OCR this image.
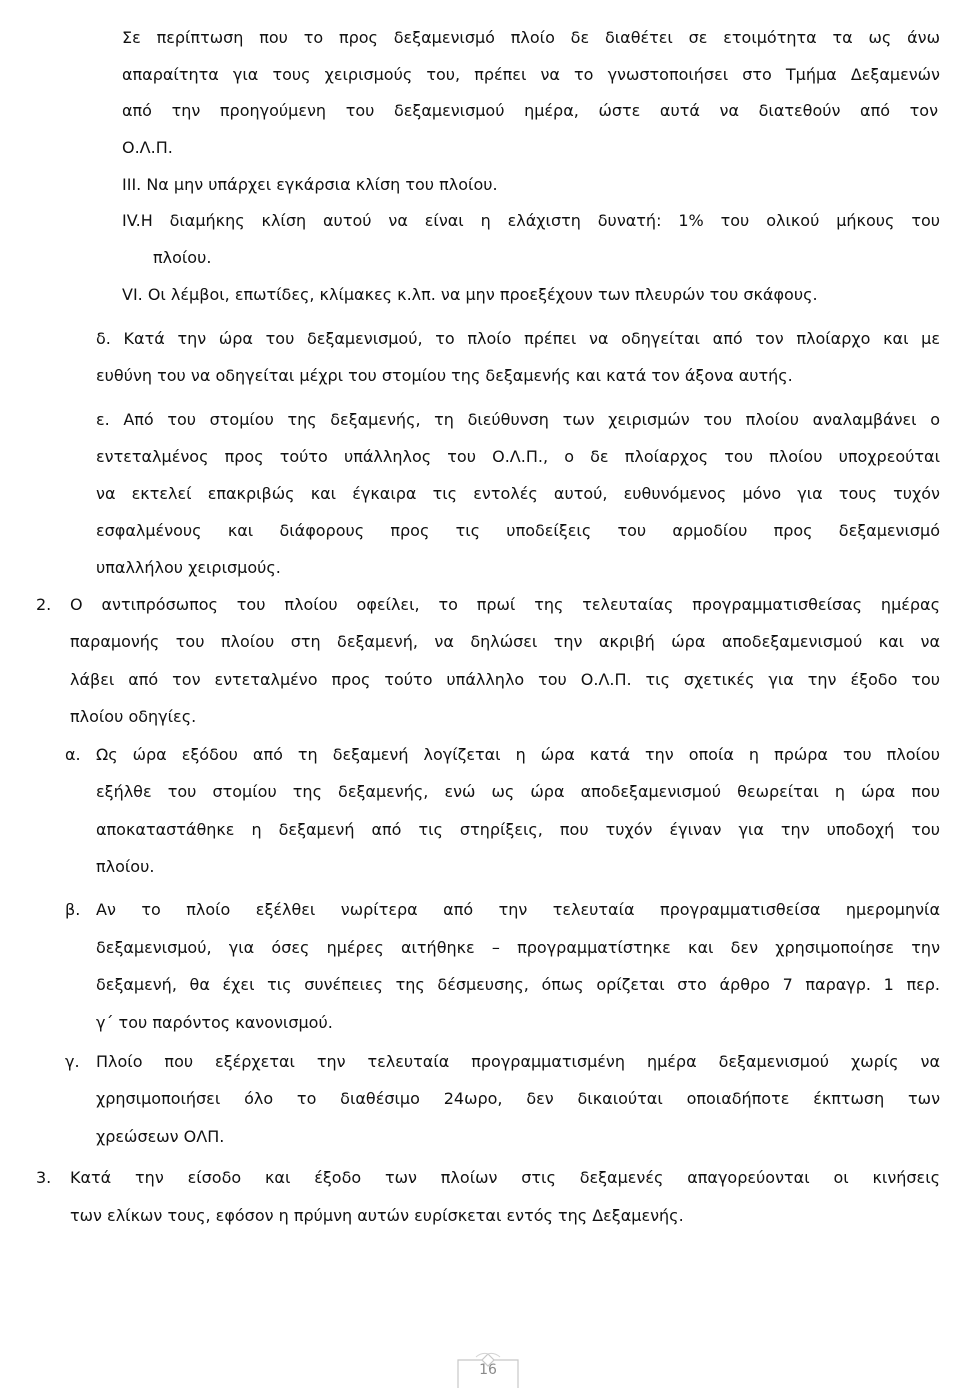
Σε περίπτωση που το προς δεξαμενισμό πλοίο δε διαθέτει σε ετοιμότητα τα ως άνω
απαραίτητα για τους χειρισμούς του, πρέπει να το γνωστοποιήσει στο Τμήμα Δεξαμενών
από την προηγούμενη του δεξαμενισμού ημέρα, ώστε αυτά να διατεθούν από τον
Ο.Λ.Π.
III. Να μην υπάρχει εγκάρσια κλίση του πλοίου.
IV.Η διαμήκης κλίση αυτού να είναι η ελάχιστη δυνατή: 1% του ολικού μήκους του
πλοίου.
VI. Οι λέμβοι, επωτίδες, κλίμακες κ.λπ. να μην προεξέχουν των πλευρών του σκάφους.
δ. Κατά την ώρα του δεξαμενισμού, το πλοίο πρέπει να οδηγείται από τον πλοίαρχο και με
ευθύνη του να οδηγείται μέχρι του στομίου της δεξαμενής και κατά τον άξονα αυτής.
ε. Από του στομίου της δεξαμενής, τη διεύθυνση των χειρισμών του πλοίου αναλαμβάνει ο
εντεταλμένος προς τούτο υπάλληλος του Ο.Λ.Π., ο δε πλοίαρχος του πλοίου υποχρεούται
να εκτελεί επακριβώς και έγκαιρα τις εντολές αυτού, ευθυνόμενος μόνο για τους τυχόν
εσφαλμένους και διάφορους προς τις υποδείξεις του αρμοδίου προς δεξαμενισμό
υπαλλήλου χειρισμούς.
2. Ο αντιπρόσωπος του πλοίου οφείλει, το πρωί της τελευταίας προγραμματισθείσας ημέρας
παραμονής του πλοίου στη δεξαμενή, να δηλώσει την ακριβή ώρα αποδεξαμενισμού και να
λάβει από τον εντεταλμένο προς τούτο υπάλληλο του Ο.Λ.Π. τις σχετικές για την έξοδο του
πλοίου οδηγίες.
α. Ως ώρα εξόδου από τη δεξαμενή λογίζεται η ώρα κατά την οποία η πρώρα του πλοίου
εξήλθε του στομίου της δεξαμενής, ενώ ως ώρα αποδεξαμενισμού θεωρείται η ώρα που
αποκαταστάθηκε η δεξαμενή από τις στηρίξεις, που τυχόν έγιναν για την υποδοχή του
πλοίου.
β. Αν το πλοίο εξέλθει νωρίτερα από την τελευταία προγραμματισθείσα ημερομηνία
δεξαμενισμού, για όσες ημέρες αιτήθηκε – προγραμματίστηκε και δεν χρησιμοποίησε την
δεξαμενή, θα έχει τις συνέπειες της δέσμευσης, όπως ορίζεται στο άρθρο 7 παραγρ. 1 περ.
γ΄ του παρόντος κανονισμού.
γ. Πλοίο που εξέρχεται την τελευταία προγραμματισμένη ημέρα δεξαμενισμού χωρίς να
χρησιμοποιήσει όλο το διαθέσιμο 24ωρο, δεν δικαιούται οποιαδήποτε έκπτωση των
χρεώσεων ΟΛΠ.
3. Κατά την είσοδο και έξοδο των πλοίων στις δεξαμενές απαγορεύονται οι κινήσεις
των ελίκων τους, εφόσον η πρύμνη αυτών ευρίσκεται εντός της Δεξαμενής.
16
